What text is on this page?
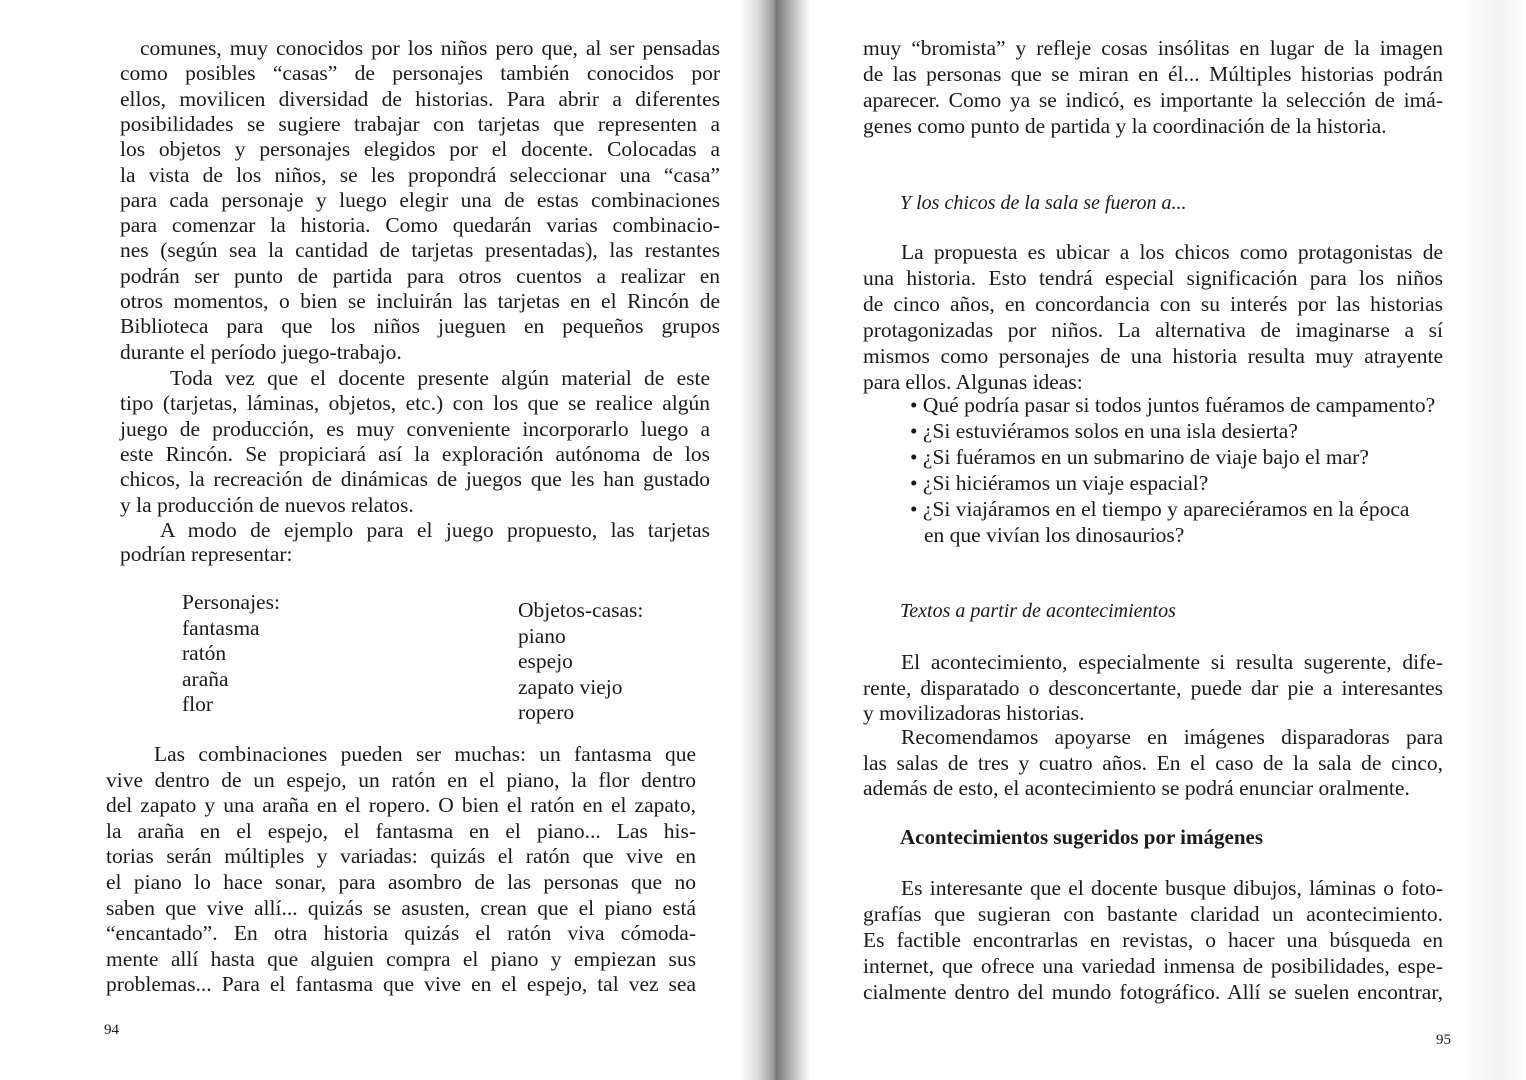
comunes, muy conocidos por los niños pero que, al ser pensadas
como posibles “casas” de personajes también conocidos por
ellos, movilicen diversidad de historias. Para abrir a diferentes
posibilidades se sugiere trabajar con tarjetas que representen a
los objetos y personajes elegidos por el docente. Colocadas a
la vista de los niños, se les propondrá seleccionar una “casa”
para cada personaje y luego elegir una de estas combinaciones
para comenzar la historia. Como quedarán varias combinacio-
nes (según sea la cantidad de tarjetas presentadas), las restantes
podrán ser punto de partida para otros cuentos a realizar en
otros momentos, o bien se incluirán las tarjetas en el Rincón de
Biblioteca para que los niños jueguen en pequeños grupos
durante el período juego-trabajo.
Toda vez que el docente presente algún material de este
tipo (tarjetas, láminas, objetos, etc.) con los que se realice algún
juego de producción, es muy conveniente incorporarlo luego a
este Rincón. Se propiciará así la exploración autónoma de los
chicos, la recreación de dinámicas de juegos que les han gustado
y la producción de nuevos relatos.
A modo de ejemplo para el juego propuesto, las tarjetas
podrían representar:
Personajes:
fantasma
ratón
araña
flor
Objetos-casas:
piano
espejo
zapato viejo
ropero
Las combinaciones pueden ser muchas: un fantasma que
vive dentro de un espejo, un ratón en el piano, la flor dentro
del zapato y una araña en el ropero. O bien el ratón en el zapato,
la araña en el espejo, el fantasma en el piano... Las his-
torias serán múltiples y variadas: quizás el ratón que vive en
el piano lo hace sonar, para asombro de las personas que no
saben que vive allí... quizás se asusten, crean que el piano está
“encantado”. En otra historia quizás el ratón viva cómoda-
mente allí hasta que alguien compra el piano y empiezan sus
problemas... Para el fantasma que vive en el espejo, tal vez sea
muy “bromista” y refleje cosas insólitas en lugar de la imagen
de las personas que se miran en él... Múltiples historias podrán
aparecer. Como ya se indicó, es importante la selección de imá-
genes como punto de partida y la coordinación de la historia.
La propuesta es ubicar a los chicos como protagonistas de
una historia. Esto tendrá especial significación para los niños
de cinco años, en concordancia con su interés por las historias
protagonizadas por niños. La alternativa de imaginarse a sí
mismos como personajes de una historia resulta muy atrayente
para ellos. Algunas ideas:
• Qué podría pasar si todos juntos fuéramos de campamento?
• ¿Si estuviéramos solos en una isla desierta?
• ¿Si fuéramos en un submarino de viaje bajo el mar?
• ¿Si hiciéramos un viaje espacial?
• ¿Si viajáramos en el tiempo y apareciéramos en la época
en que vivían los dinosaurios?
El acontecimiento, especialmente si resulta sugerente, dife-
rente, disparatado o desconcertante, puede dar pie a interesantes
y movilizadoras historias.
Recomendamos apoyarse en imágenes disparadoras para
las salas de tres y cuatro años. En el caso de la sala de cinco,
además de esto, el acontecimiento se podrá enunciar oralmente.
Es interesante que el docente busque dibujos, láminas o foto-
grafías que sugieran con bastante claridad un acontecimiento.
Es factible encontrarlas en revistas, o hacer una búsqueda en
internet, que ofrece una variedad inmensa de posibilidades, espe-
cialmente dentro del mundo fotográfico. Allí se suelen encontrar,
Y los chicos de la sala se fueron a...
Textos a partir de acontecimientos
Acontecimientos sugeridos por imágenes
94
95
